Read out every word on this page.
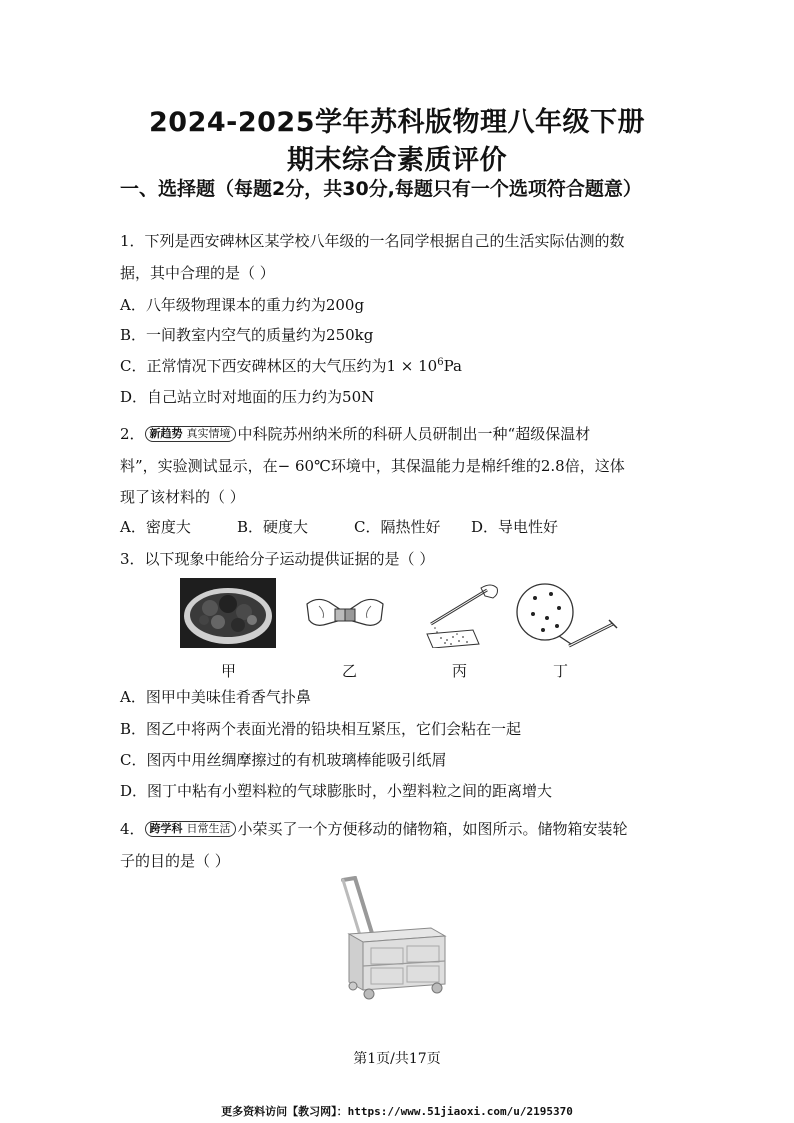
2024-2025学年苏科版物理八年级下册
期末综合素质评价
一、选择题（每题2分，共30分,每题只有一个选项符合题意）
1．下列是西安碑林区某学校八年级的一名同学根据自己的生活实际估测的数
据，其中合理的是（ ）
A．八年级物理课本的重力约为200g
B．一间教室内空气的质量约为250kg
C．正常情况下西安碑林区的大气压约为$1 \times 10^6Pa$
D．自己站立时对地面的压力约为50N
2． 新趋势 真实情境 中科院苏州纳米所的科研人员研制出一种“超级保温材
料”，实验测试显示，在− 60℃环境中，其保温能力是棉纤维的2.8倍，这体
现了该材料的（ ）
A．密度大	B．硬度大	C．隔热性好 D．导电性好
3．以下现象中能给分子运动提供证据的是（ ）
甲	乙	丙	丁
A．图甲中美味佳肴香气扑鼻
B．图乙中将两个表面光滑的铅块相互紧压，它们会粘在一起
C．图丙中用丝绸摩擦过的有机玻璃棒能吸引纸屑
D．图丁中粘有小塑料粒的气球膨胀时，小塑料粒之间的距离增大
4． 跨学科 日常生活 小荣买了一个方便移动的储物箱，如图所示。储物箱安装轮
子的目的是（ ）
第1页/共17页
更多资料访问【教习网】：https://www.51jiaoxi.com/u/2195370
